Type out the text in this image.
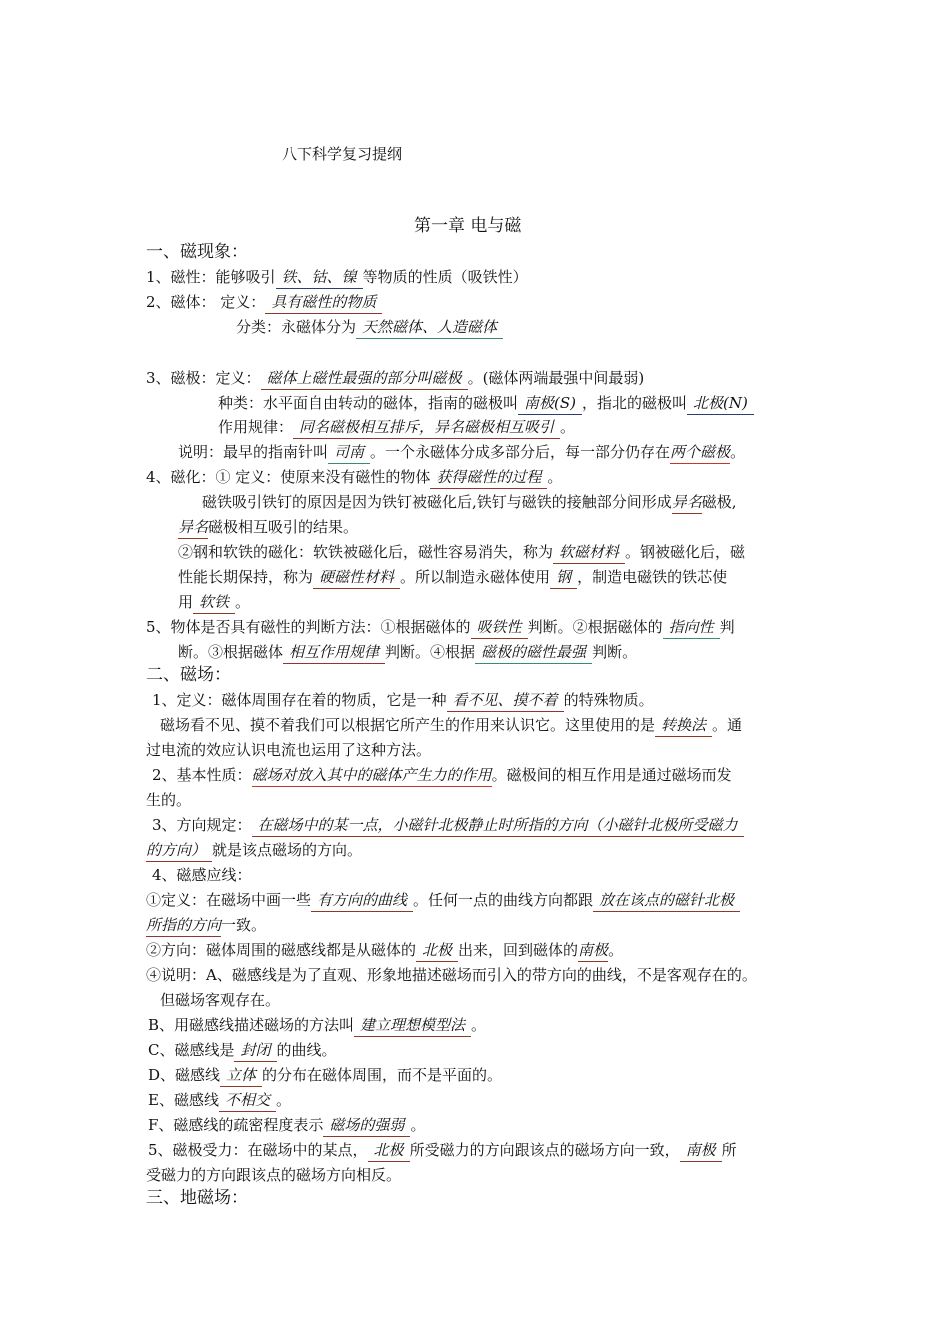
八下科学复习提纲
第一章 电与磁
一、磁现象：
1、磁性：能够吸引 铁、钴、镍 等物质的性质（吸铁性）
2、磁体： 定义： 具有磁性的物质
分类：永磁体分为 天然磁体、人造磁体
3、磁极：定义： 磁体上磁性最强的部分叫磁极 。(磁体两端最强中间最弱)
种类：水平面自由转动的磁体，指南的磁极叫 南极(S) ，指北的磁极叫 北极(N)
作用规律： 同名磁极相互排斥，异名磁极相互吸引 。
说明：最早的指南针叫 司南 。一个永磁体分成多部分后，每一部分仍存在两个磁极。
4、磁化：① 定义：使原来没有磁性的物体 获得磁性的过程 。
磁铁吸引铁钉的原因是因为铁钉被磁化后,铁钉与磁铁的接触部分间形成异名磁极,
异名磁极相互吸引的结果。
②钢和软铁的磁化：软铁被磁化后，磁性容易消失，称为 软磁材料 。钢被磁化后，磁
性能长期保持，称为 硬磁性材料 。所以制造永磁体使用 钢 ，制造电磁铁的铁芯使
用 软铁 。
5、物体是否具有磁性的判断方法：①根据磁体的 吸铁性 判断。②根据磁体的 指向性 判
断。③根据磁体 相互作用规律 判断。④根据 磁极的磁性最强 判断。
二、磁场：
1、定义：磁体周围存在着的物质，它是一种 看不见、摸不着 的特殊物质。
磁场看不见、摸不着我们可以根据它所产生的作用来认识它。这里使用的是 转换法 。通
过电流的效应认识电流也运用了这种方法。
2、基本性质：磁场对放入其中的磁体产生力的作用。磁极间的相互作用是通过磁场而发
生的。
3、方向规定： 在磁场中的某一点，小磁针北极静止时所指的方向（小磁针北极所受磁力
的方向） 就是该点磁场的方向。
4、磁感应线：
①定义：在磁场中画一些 有方向的曲线 。任何一点的曲线方向都跟 放在该点的磁针北极
所指的方向一致。
②方向：磁体周围的磁感线都是从磁体的 北极 出来，回到磁体的南极。
④说明：A、磁感线是为了直观、形象地描述磁场而引入的带方向的曲线，不是客观存在的。
但磁场客观存在。
B、用磁感线描述磁场的方法叫 建立理想模型法 。
C、磁感线是 封闭 的曲线。
D、磁感线 立体 的分布在磁体周围，而不是平面的。
E、磁感线 不相交 。
F、磁感线的疏密程度表示 磁场的强弱 。
5、磁极受力：在磁场中的某点， 北极 所受磁力的方向跟该点的磁场方向一致， 南极 所
受磁力的方向跟该点的磁场方向相反。
三、地磁场：
